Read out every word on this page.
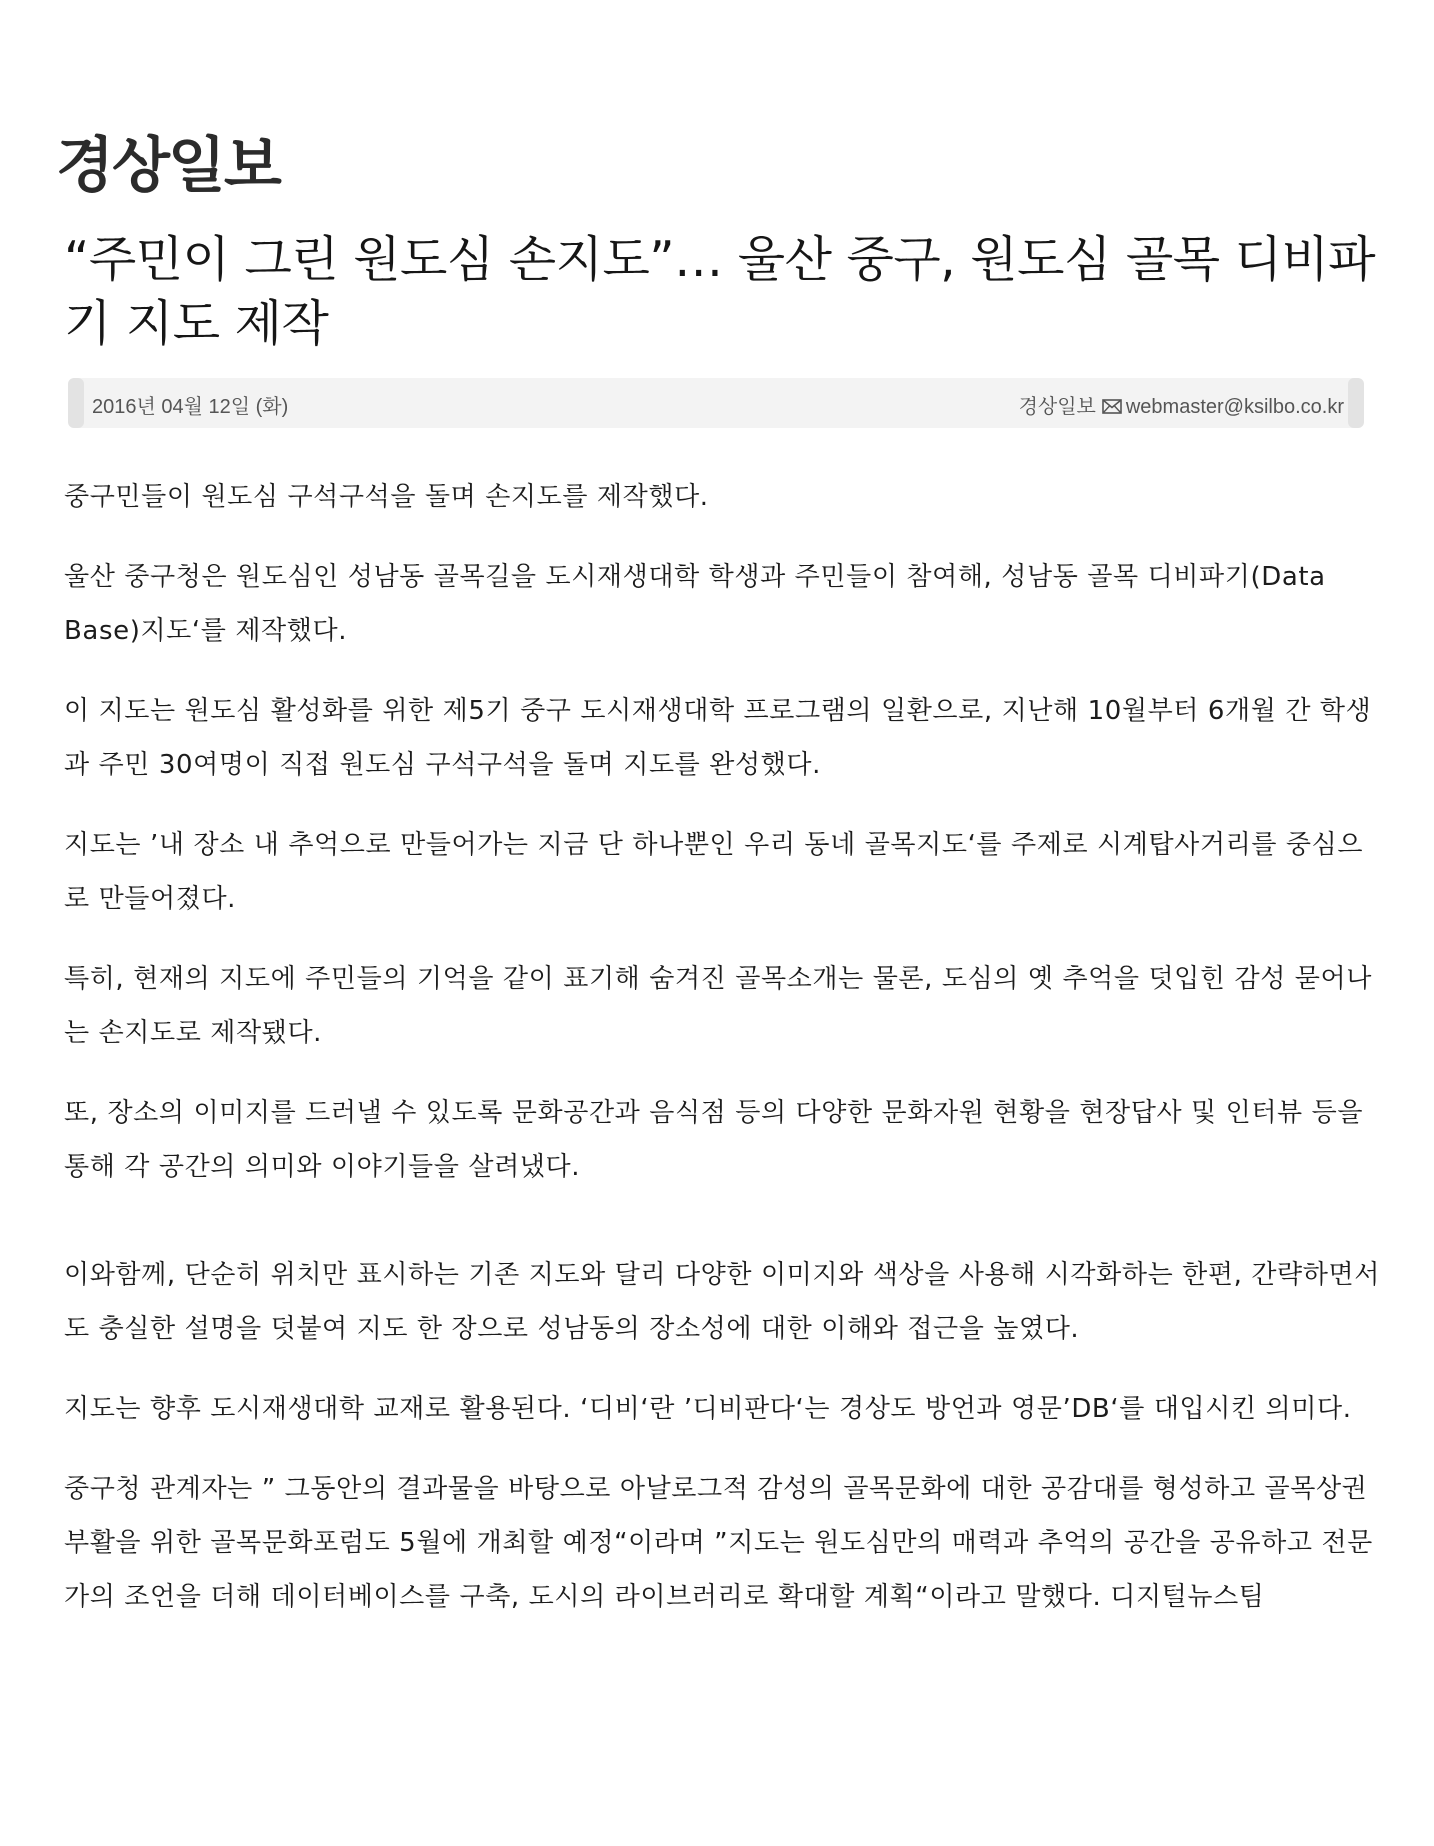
경상일보
“주민이 그린 원도심 손지도”… 울산 중구, 원도심 골목 디비파기 지도 제작
2016년 04월 12일 (화)	경상일보 webmaster@ksilbo.co.kr

중구민들이 원도심 구석구석을 돌며 손지도를 제작했다.

울산 중구청은 원도심인 성남동 골목길을 도시재생대학 학생과 주민들이 참여해, 성남동 골목 디비파기(Data Base)지도‘를 제작했다.

이 지도는 원도심 활성화를 위한 제5기 중구 도시재생대학 프로그램의 일환으로, 지난해 10월부터 6개월 간 학생과 주민 30여명이 직접 원도심 구석구석을 돌며 지도를 완성했다.

지도는 ’내 장소 내 추억으로 만들어가는 지금 단 하나뿐인 우리 동네 골목지도‘를 주제로 시계탑사거리를 중심으로 만들어졌다.

특히, 현재의 지도에 주민들의 기억을 같이 표기해 숨겨진 골목소개는 물론, 도심의 옛 추억을 덧입힌 감성 묻어나는 손지도로 제작됐다.

또, 장소의 이미지를 드러낼 수 있도록 문화공간과 음식점 등의 다양한 문화자원 현황을 현장답사 및 인터뷰 등을 통해 각 공간의 의미와 이야기들을 살려냈다.

이와함께, 단순히 위치만 표시하는 기존 지도와 달리 다양한 이미지와 색상을 사용해 시각화하는 한편, 간략하면서도 충실한 설명을 덧붙여 지도 한 장으로 성남동의 장소성에 대한 이해와 접근을 높였다.

지도는 향후 도시재생대학 교재로 활용된다. ‘디비‘란 ’디비판다‘는 경상도 방언과 영문’DB‘를 대입시킨 의미다.

중구청 관계자는 ” 그동안의 결과물을 바탕으로 아날로그적 감성의 골목문화에 대한 공감대를 형성하고 골목상권 부활을 위한 골목문화포럼도 5월에 개최할 예정“이라며 ”지도는 원도심만의 매력과 추억의 공간을 공유하고 전문가의 조언을 더해 데이터베이스를 구축, 도시의 라이브러리로 확대할 계획“이라고 말했다. 디지털뉴스팀
